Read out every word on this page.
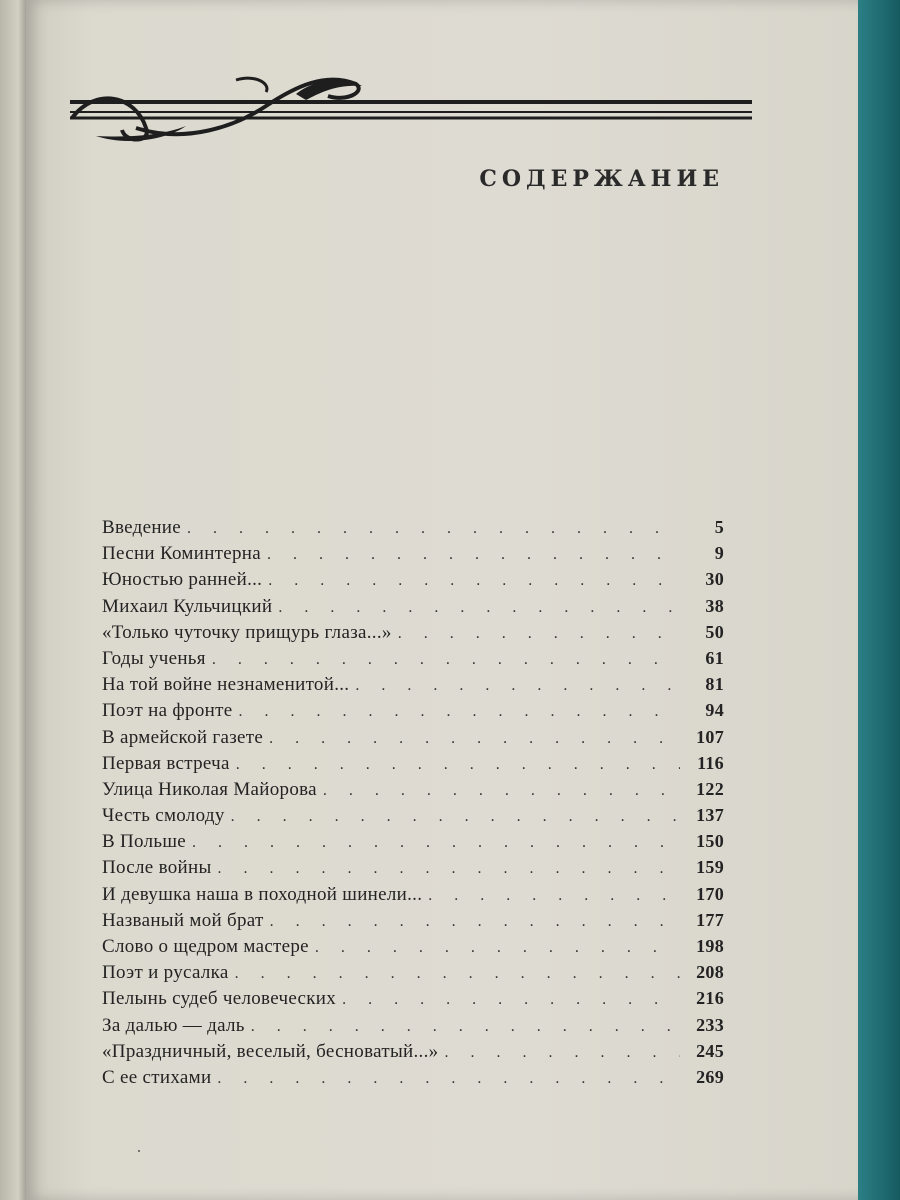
СОДЕРЖАНИЕ
Введение . . .	5
Песни Коминтерна . . .	9
Юностью ранней... . . .	30
Михаил Кульчицкий . . .	38
«Только чуточку прищурь глаза...» . . .	50
Годы ученья . . .	61
На той войне незнаменитой... . . .	81
Поэт на фронте . . .	94
В армейской газете . . .	107
Первая встреча . . .	116
Улица Николая Майорова . . .	122
Честь смолоду . . .	137
В Польше . . .	150
После войны . . .	159
И девушка наша в походной шинели... . . .	170
Названый мой брат . . .	177
Слово о щедром мастере . . .	198
Поэт и русалка . . .	208
Пелынь судеб человеческих . . .	216
За далью — даль . . .	233
«Праздничный, веселый, бесноватый...» . . .	245
С ее стихами . . .	269
